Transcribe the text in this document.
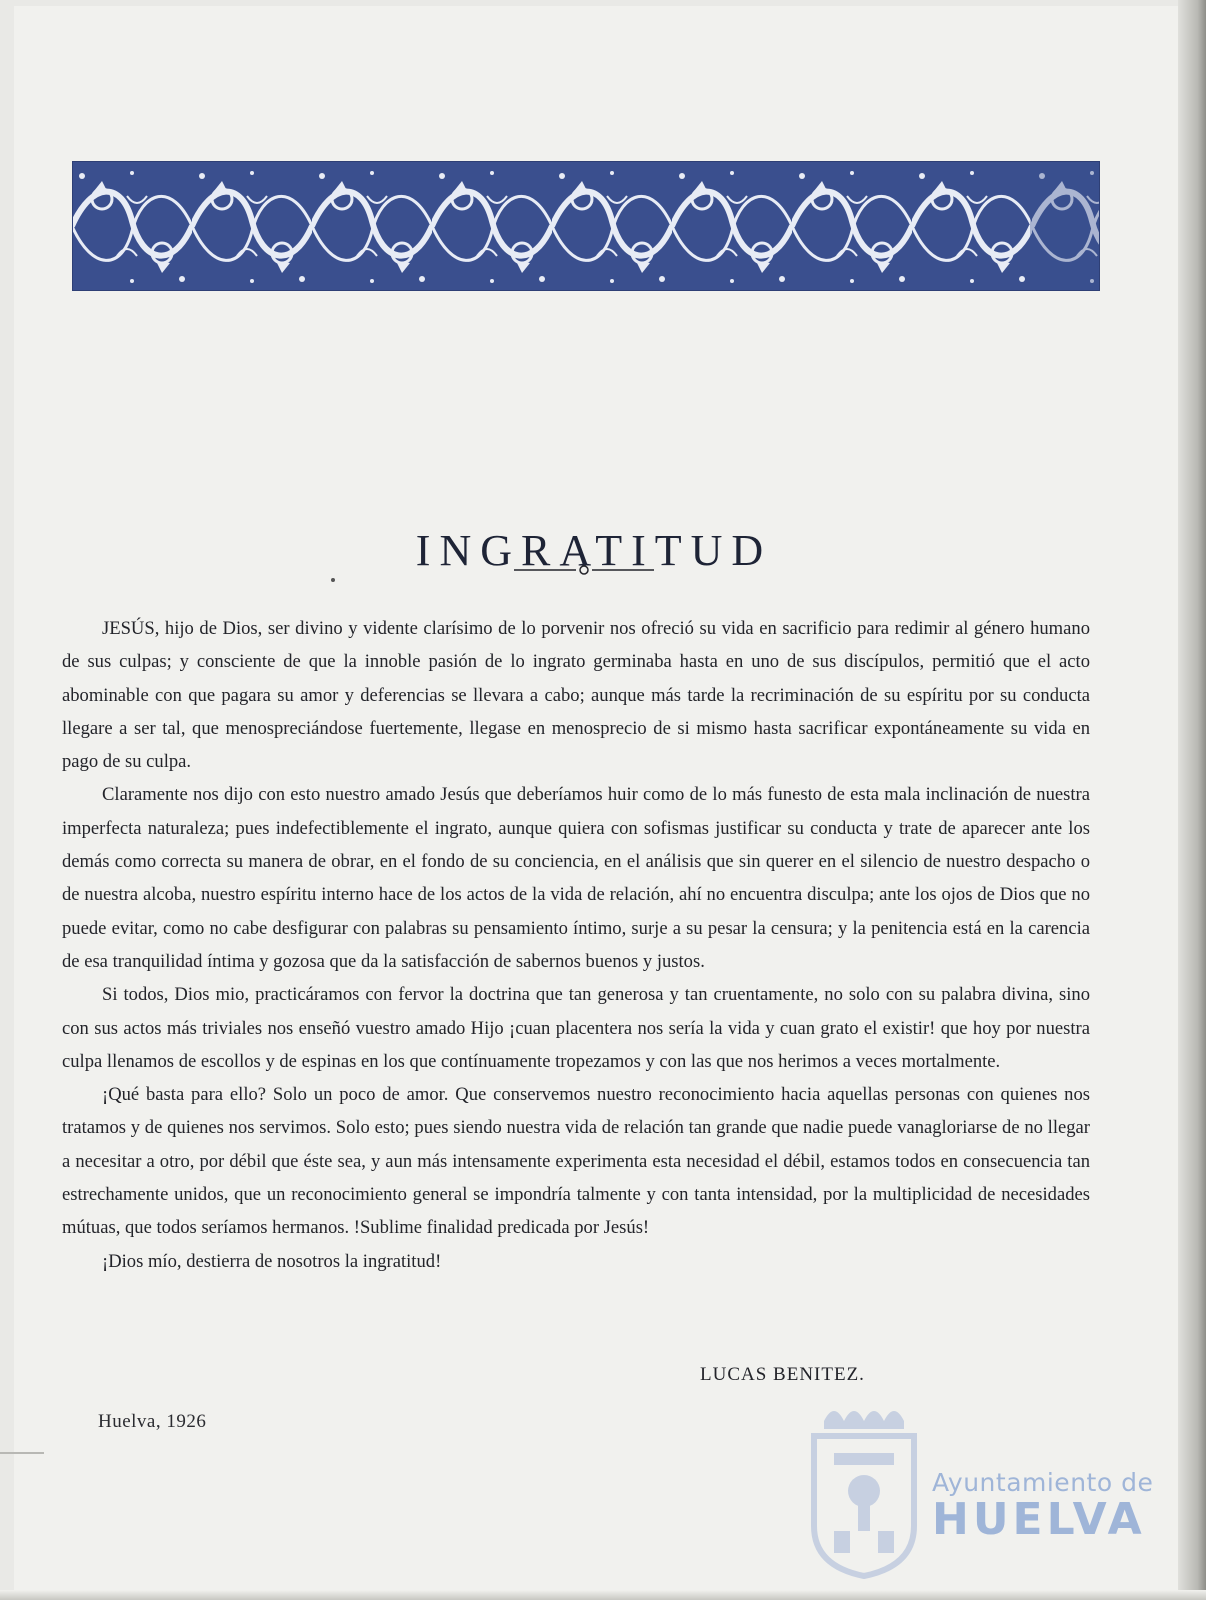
INGRATITUD

JESÚS, hijo de Dios, ser divino y vidente clarísimo de lo porvenir nos ofreció su vida en sacrificio para redimir al género humano de sus culpas; y consciente de que la innoble pasión de lo ingrato germinaba hasta en uno de sus discípulos, permitió que el acto abominable con que pagara su amor y deferencias se llevara a cabo; aunque más tarde la recriminación de su espíritu por su conducta llegare a ser tal, que menospreciándose fuertemente, llegase en menosprecio de si mismo hasta sacrificar expontáneamente su vida en pago de su culpa.

Claramente nos dijo con esto nuestro amado Jesús que deberíamos huir como de lo más funesto de esta mala inclinación de nuestra imperfecta naturaleza; pues indefectiblemente el ingrato, aunque quiera con sofismas justificar su conducta y trate de aparecer ante los demás como correcta su manera de obrar, en el fondo de su conciencia, en el análisis que sin querer en el silencio de nuestro despacho o de nuestra alcoba, nuestro espíritu interno hace de los actos de la vida de relación, ahí no encuentra disculpa; ante los ojos de Dios que no puede evitar, como no cabe desfigurar con palabras su pensamiento íntimo, surje a su pesar la censura; y la penitencia está en la carencia de esa tranquilidad íntima y gozosa que da la satisfacción de sabernos buenos y justos.

Si todos, Dios mio, practicáramos con fervor la doctrina que tan generosa y tan cruentamente, no solo con su palabra divina, sino con sus actos más triviales nos enseñó vuestro amado Hijo ¡cuan placentera nos sería la vida y cuan grato el existir! que hoy por nuestra culpa llenamos de escollos y de espinas en los que contínuamente tropezamos y con las que nos herimos a veces mortalmente.

¡Qué basta para ello? Solo un poco de amor. Que conservemos nuestro reconocimiento hacia aquellas personas con quienes nos tratamos y de quienes nos servimos. Solo esto; pues siendo nuestra vida de relación tan grande que nadie puede vanagloriarse de no llegar a necesitar a otro, por débil que éste sea, y aun más intensamente experimenta esta necesidad el débil, estamos todos en consecuencia tan estrechamente unidos, que un reconocimiento general se impondría talmente y con tanta intensidad, por la multiplicidad de necesidades mútuas, que todos seríamos hermanos. !Sublime finalidad predicada por Jesús!

¡Dios mío, destierra de nosotros la ingratitud!

LUCAS BENITEZ.
Huelva, 1926
Ayuntamiento de
HUELVA
